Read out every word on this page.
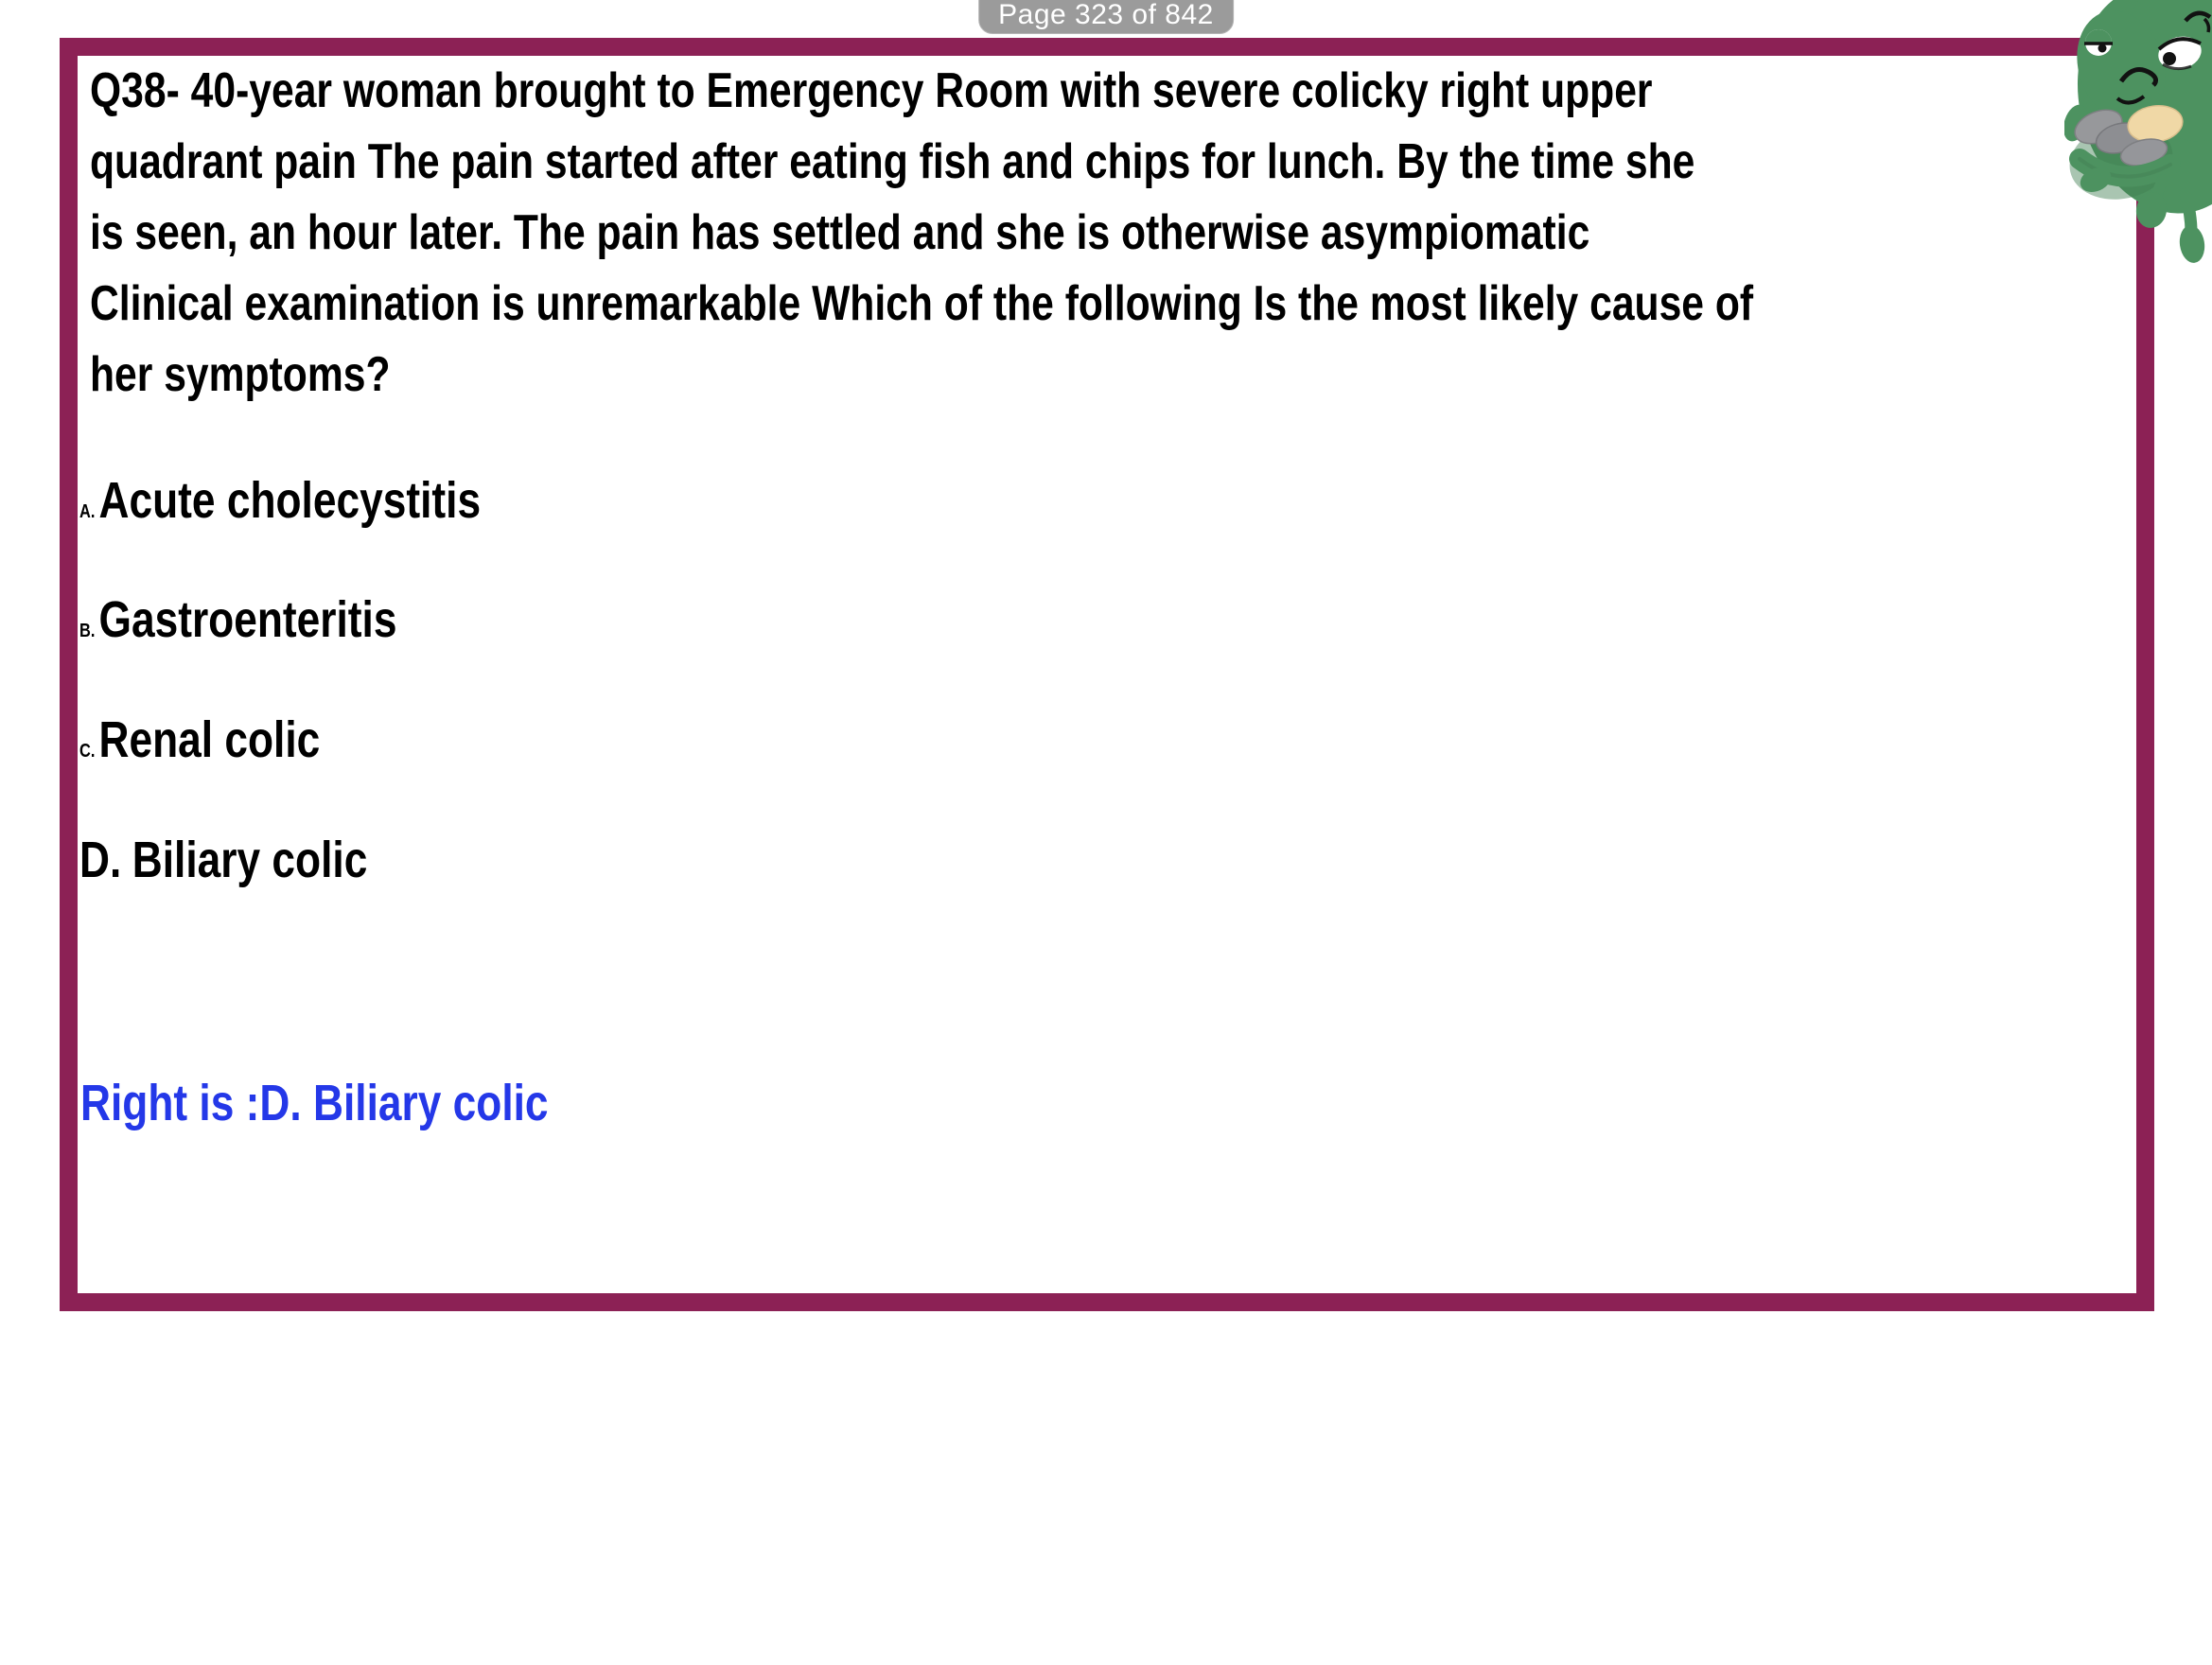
Page 323 of 842
Q38- 40-year woman brought to Emergency Room with severe colicky right upper
quadrant pain The pain started after eating fish and chips for lunch. By the time she
is seen, an hour later. The pain has settled and she is otherwise asympiomatic
Clinical examination is unremarkable Which of the following Is the most likely cause of
her symptoms?
A.Acute cholecystitis
B.Gastroenteritis
C.Renal colic
D. Biliary colic
Right is :D. Biliary colic
